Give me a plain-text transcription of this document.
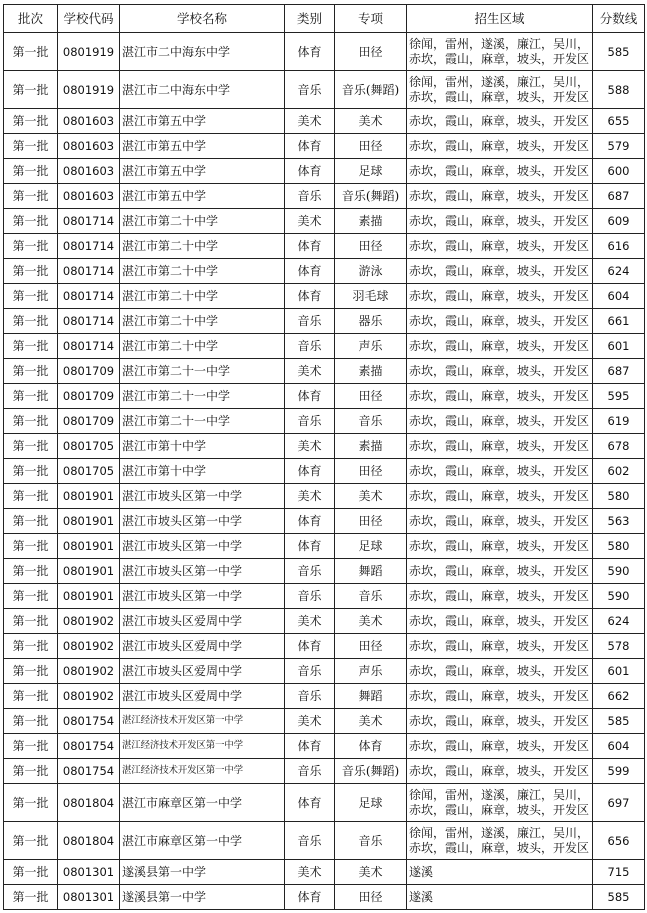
批次	学校代码	学校名称	类别	专项	招生区域	分数线
第一批	0801919	湛江市二中海东中学	体育	田径	徐闻，雷州，遂溪，廉江，吴川，赤坎，霞山，麻章，坡头，开发区	585
第一批	0801919	湛江市二中海东中学	音乐	音乐(舞蹈)	徐闻，雷州，遂溪，廉江，吴川，赤坎，霞山，麻章，坡头，开发区	588
第一批	0801603	湛江市第五中学	美术	美术	赤坎，霞山，麻章，坡头，开发区	655
第一批	0801603	湛江市第五中学	体育	田径	赤坎，霞山，麻章，坡头，开发区	579
第一批	0801603	湛江市第五中学	体育	足球	赤坎，霞山，麻章，坡头，开发区	600
第一批	0801603	湛江市第五中学	音乐	音乐(舞蹈)	赤坎，霞山，麻章，坡头，开发区	687
第一批	0801714	湛江市第二十中学	美术	素描	赤坎，霞山，麻章，坡头，开发区	609
第一批	0801714	湛江市第二十中学	体育	田径	赤坎，霞山，麻章，坡头，开发区	616
第一批	0801714	湛江市第二十中学	体育	游泳	赤坎，霞山，麻章，坡头，开发区	624
第一批	0801714	湛江市第二十中学	体育	羽毛球	赤坎，霞山，麻章，坡头，开发区	604
第一批	0801714	湛江市第二十中学	音乐	器乐	赤坎，霞山，麻章，坡头，开发区	661
第一批	0801714	湛江市第二十中学	音乐	声乐	赤坎，霞山，麻章，坡头，开发区	601
第一批	0801709	湛江市第二十一中学	美术	素描	赤坎，霞山，麻章，坡头，开发区	687
第一批	0801709	湛江市第二十一中学	体育	田径	赤坎，霞山，麻章，坡头，开发区	595
第一批	0801709	湛江市第二十一中学	音乐	音乐	赤坎，霞山，麻章，坡头，开发区	619
第一批	0801705	湛江市第十中学	美术	素描	赤坎，霞山，麻章，坡头，开发区	678
第一批	0801705	湛江市第十中学	体育	田径	赤坎，霞山，麻章，坡头，开发区	602
第一批	0801901	湛江市坡头区第一中学	美术	美术	赤坎，霞山，麻章，坡头，开发区	580
第一批	0801901	湛江市坡头区第一中学	体育	田径	赤坎，霞山，麻章，坡头，开发区	563
第一批	0801901	湛江市坡头区第一中学	体育	足球	赤坎，霞山，麻章，坡头，开发区	580
第一批	0801901	湛江市坡头区第一中学	音乐	舞蹈	赤坎，霞山，麻章，坡头，开发区	590
第一批	0801901	湛江市坡头区第一中学	音乐	音乐	赤坎，霞山，麻章，坡头，开发区	590
第一批	0801902	湛江市坡头区爱周中学	美术	美术	赤坎，霞山，麻章，坡头，开发区	624
第一批	0801902	湛江市坡头区爱周中学	体育	田径	赤坎，霞山，麻章，坡头，开发区	578
第一批	0801902	湛江市坡头区爱周中学	音乐	声乐	赤坎，霞山，麻章，坡头，开发区	601
第一批	0801902	湛江市坡头区爱周中学	音乐	舞蹈	赤坎，霞山，麻章，坡头，开发区	662
第一批	0801754	湛江经济技术开发区第一中学	美术	美术	赤坎，霞山，麻章，坡头，开发区	585
第一批	0801754	湛江经济技术开发区第一中学	体育	体育	赤坎，霞山，麻章，坡头，开发区	604
第一批	0801754	湛江经济技术开发区第一中学	音乐	音乐(舞蹈)	赤坎，霞山，麻章，坡头，开发区	599
第一批	0801804	湛江市麻章区第一中学	体育	足球	徐闻，雷州，遂溪，廉江，吴川，赤坎，霞山，麻章，坡头，开发区	697
第一批	0801804	湛江市麻章区第一中学	音乐	音乐	徐闻，雷州，遂溪，廉江，吴川，赤坎，霞山，麻章，坡头，开发区	656
第一批	0801301	遂溪县第一中学	美术	美术	遂溪	715
第一批	0801301	遂溪县第一中学	体育	田径	遂溪	585
